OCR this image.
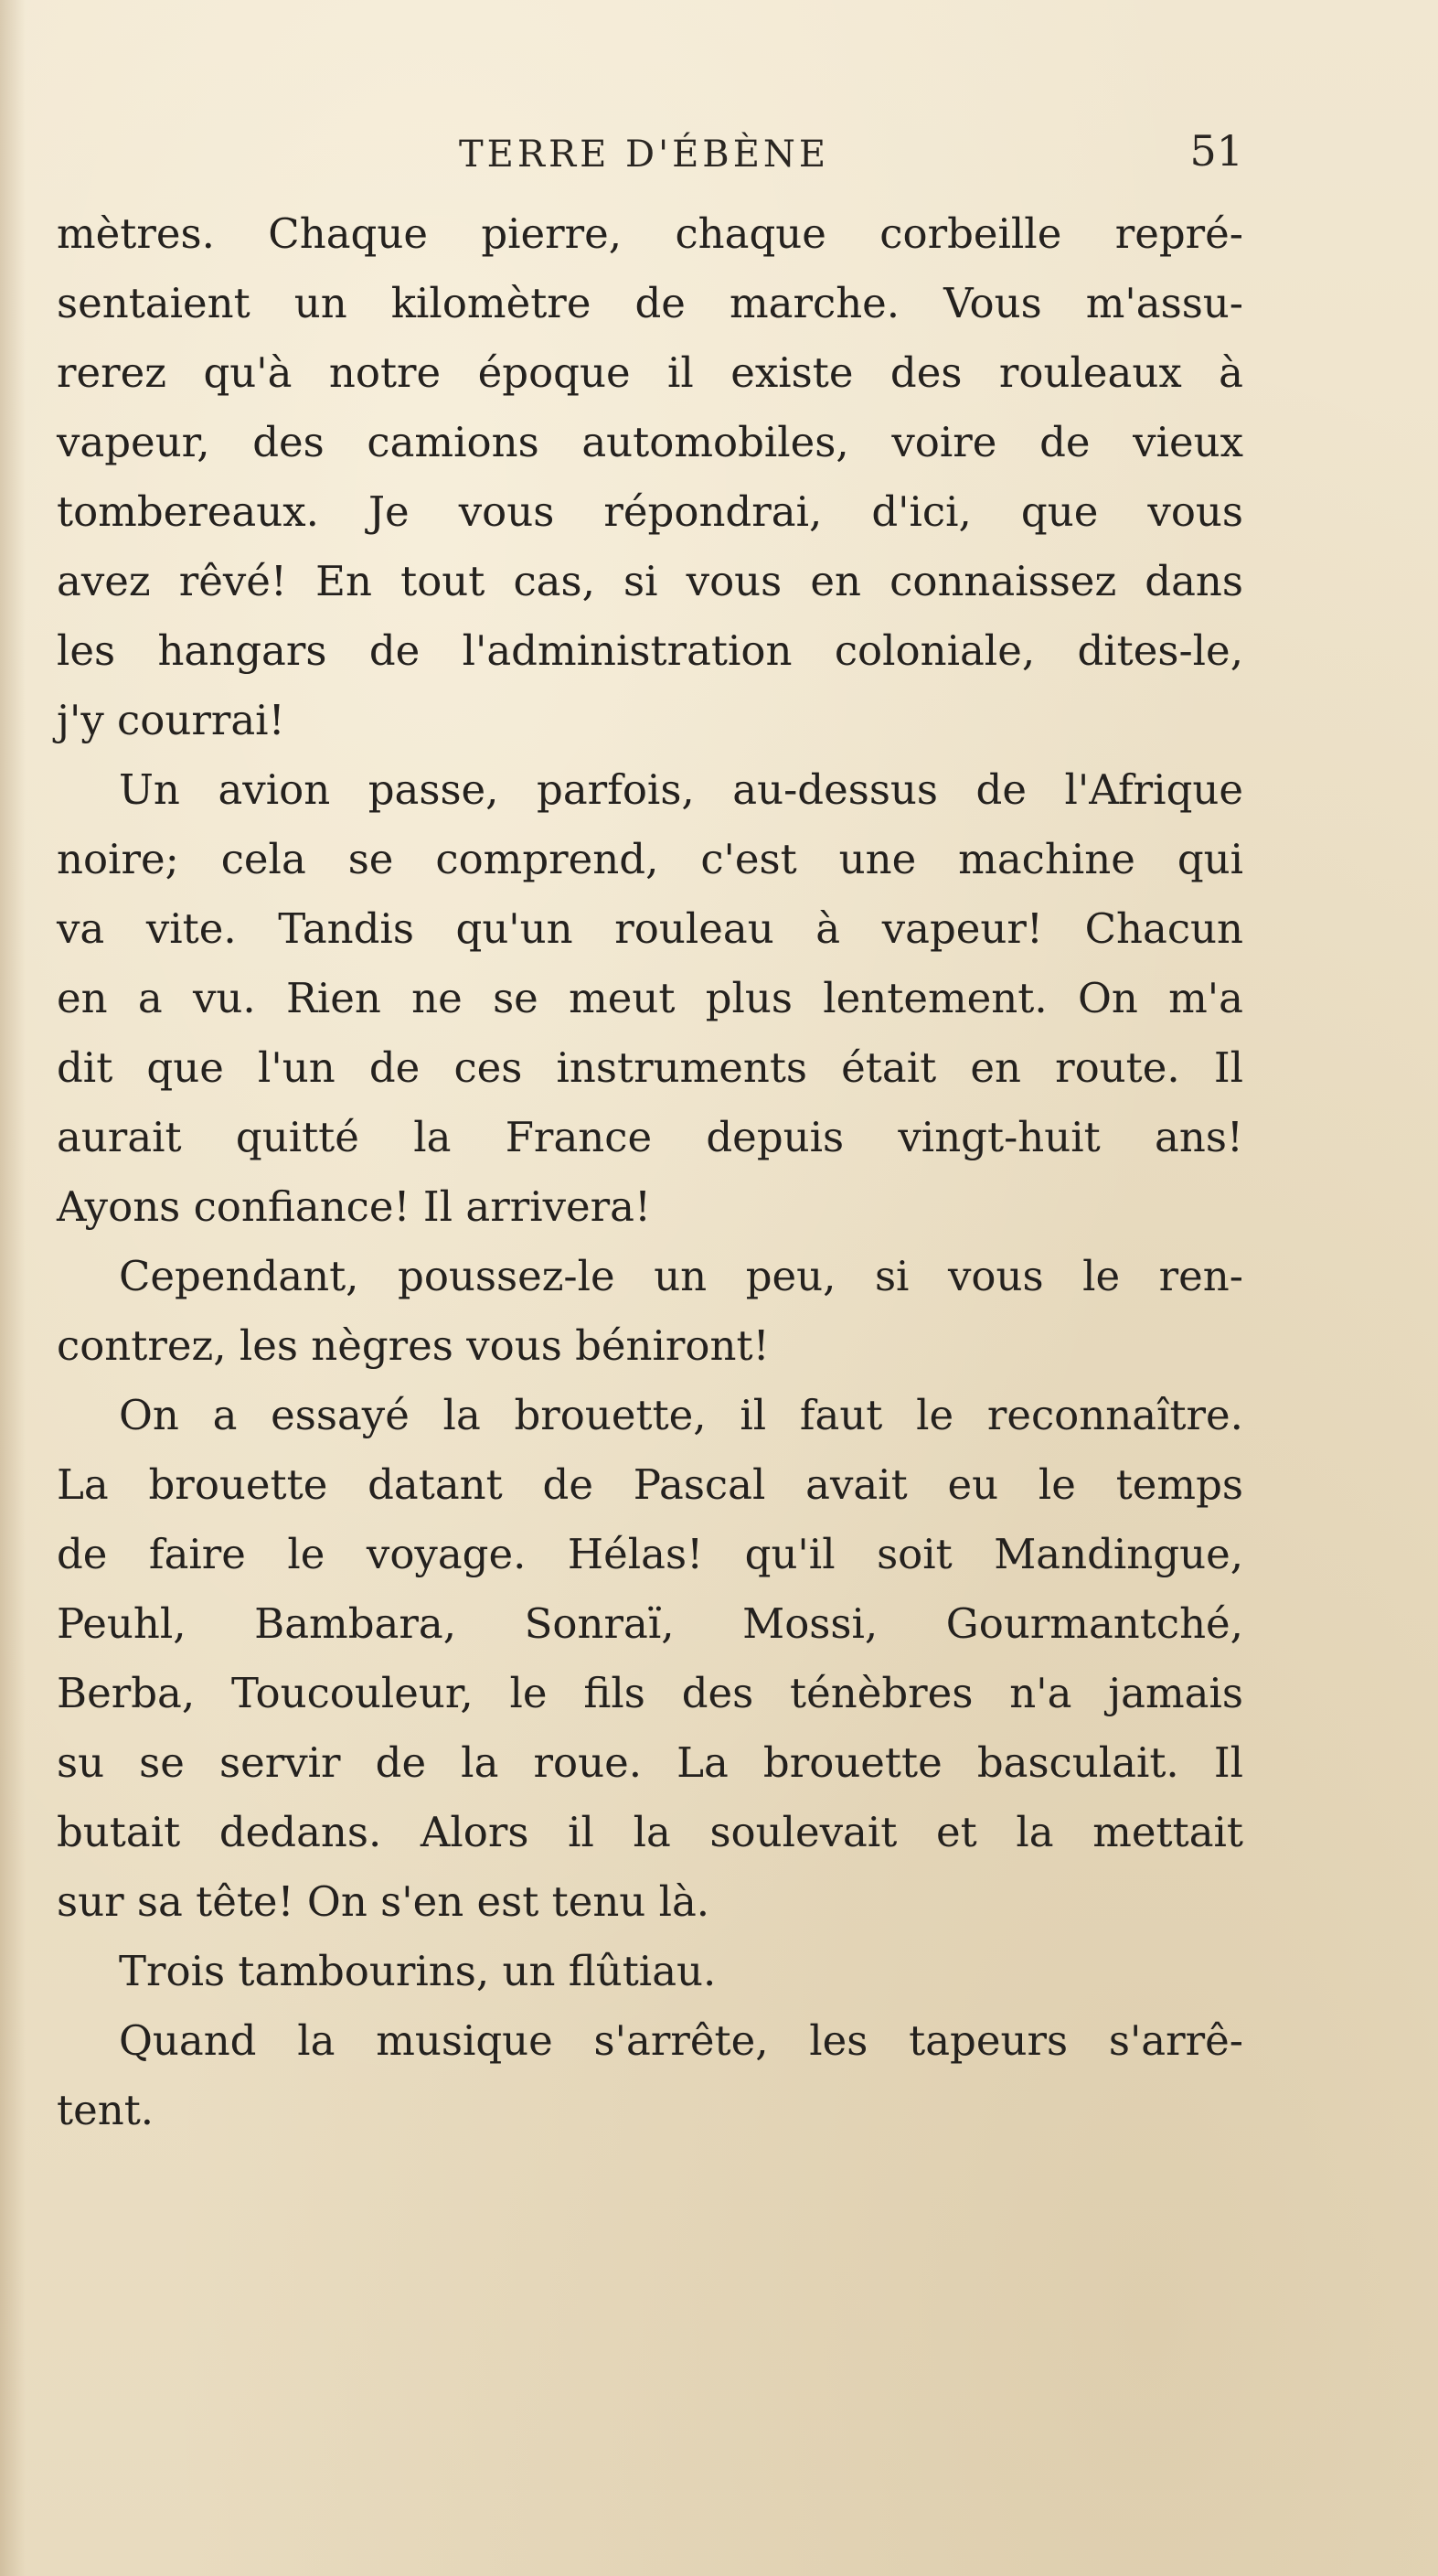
TERRE D'ÉBÈNE	51
mètres. Chaque pierre, chaque corbeille repré-
sentaient un kilomètre de marche. Vous m'assu-
rerez qu'à notre époque il existe des rouleaux à
vapeur, des camions automobiles, voire de vieux
tombereaux. Je vous répondrai, d'ici, que vous
avez rêvé! En tout cas, si vous en connaissez dans
les hangars de l'administration coloniale, dites-le,
j'y courrai!
Un avion passe, parfois, au-dessus de l'Afrique
noire; cela se comprend, c'est une machine qui
va vite. Tandis qu'un rouleau à vapeur! Chacun
en a vu. Rien ne se meut plus lentement. On m'a
dit que l'un de ces instruments était en route. Il
aurait quitté la France depuis vingt-huit ans!
Ayons confiance! Il arrivera!
Cependant, poussez-le un peu, si vous le ren-
contrez, les nègres vous béniront!
On a essayé la brouette, il faut le reconnaître.
La brouette datant de Pascal avait eu le temps
de faire le voyage. Hélas! qu'il soit Mandingue,
Peuhl, Bambara, Sonraï, Mossi, Gourmantché,
Berba, Toucouleur, le fils des ténèbres n'a jamais
su se servir de la roue. La brouette basculait. Il
butait dedans. Alors il la soulevait et la mettait
sur sa tête! On s'en est tenu là.
Trois tambourins, un flûtiau.
Quand la musique s'arrête, les tapeurs s'arrê-
tent.
